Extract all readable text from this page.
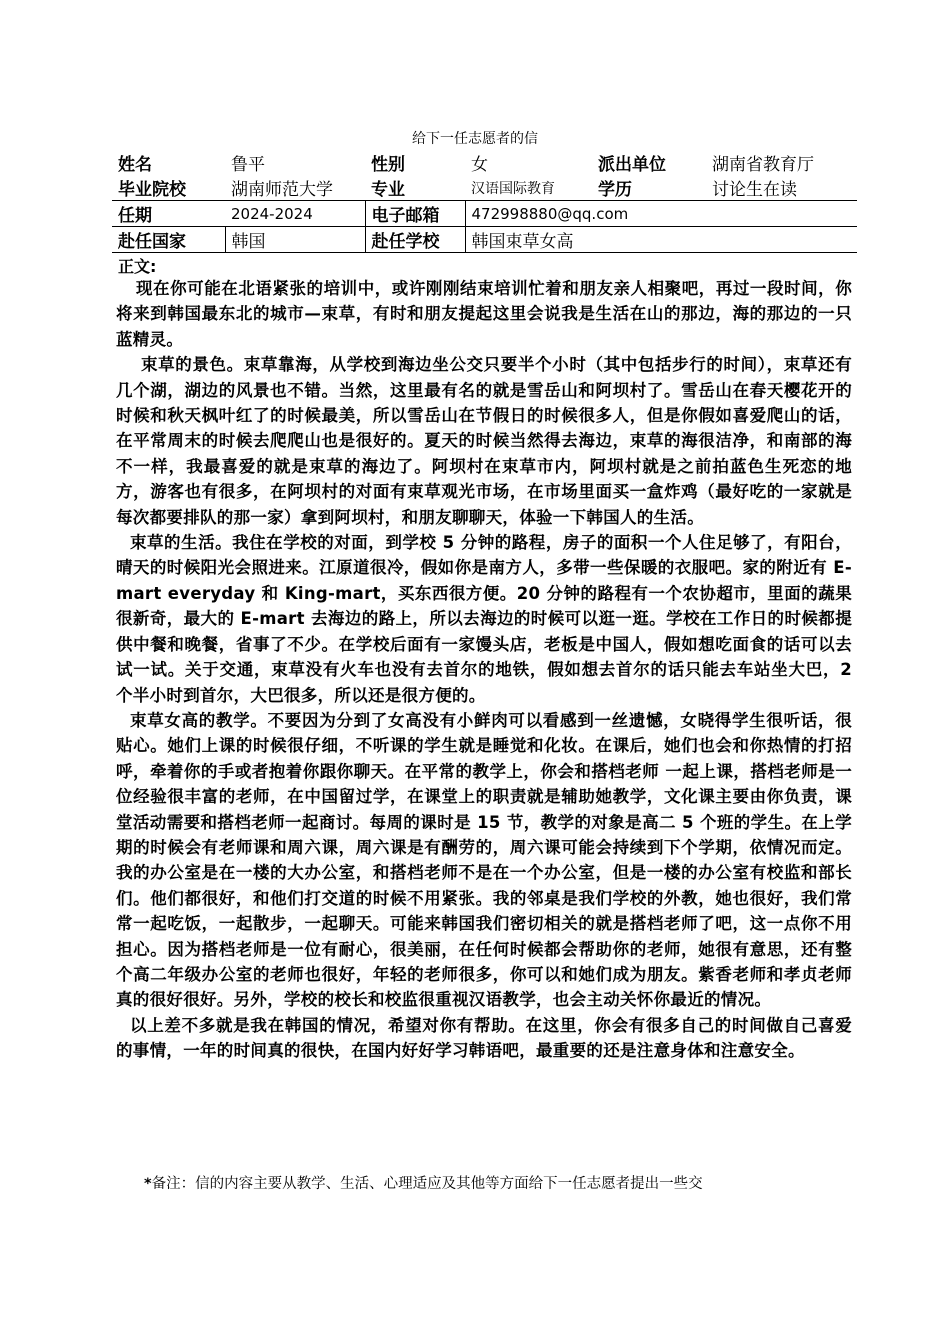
给下一任志愿者的信
姓名	鲁平	性别	女	派出单位	湖南省教育厅
毕业院校	湖南师范大学	专业	汉语国际教育	学历	讨论生在读
任期	2024-2024	电子邮箱	472998880@qq.com		
赴任国家	韩国	赴任学校	韩国束草女高		
正文:

现在你可能在北语紧张的培训中，或许刚刚结束培训忙着和朋友亲人相聚吧，再过一段时间，你将来到韩国最东北的城市—束草，有时和朋友提起这里会说我是生活在山的那边，海的那边的一只蓝精灵。

束草的景色。束草靠海，从学校到海边坐公交只要半个小时（其中包括步行的时间），束草还有几个湖，湖边的风景也不错。当然，这里最有名的就是雪岳山和阿坝村了。雪岳山在春天樱花开的时候和秋天枫叶红了的时候最美，所以雪岳山在节假日的时候很多人，但是你假如喜爱爬山的话，在平常周末的时候去爬爬山也是很好的。夏天的时候当然得去海边，束草的海很洁净，和南部的海不一样，我最喜爱的就是束草的海边了。阿坝村在束草市内，阿坝村就是之前拍蓝色生死恋的地方，游客也有很多，在阿坝村的对面有束草观光市场，在市场里面买一盒炸鸡（最好吃的一家就是每次都要排队的那一家）拿到阿坝村，和朋友聊聊天，体验一下韩国人的生活。

束草的生活。我住在学校的对面，到学校 5 分钟的路程，房子的面积一个人住足够了，有阳台，晴天的时候阳光会照进来。江原道很冷，假如你是南方人，多带一些保暖的衣服吧。家的附近有 E-mart everyday 和 King-mart，买东西很方便。20 分钟的路程有一个农协超市，里面的蔬果很新奇，最大的 E-mart 去海边的路上，所以去海边的时候可以逛一逛。学校在工作日的时候都提供中餐和晚餐，省事了不少。在学校后面有一家馒头店，老板是中国人，假如想吃面食的话可以去试一试。关于交通，束草没有火车也没有去首尔的地铁，假如想去首尔的话只能去车站坐大巴，2 个半小时到首尔，大巴很多，所以还是很方便的。

束草女高的教学。不要因为分到了女高没有小鲜肉可以看感到一丝遗憾，女晓得学生很听话，很贴心。她们上课的时候很仔细，不听课的学生就是睡觉和化妆。在课后，她们也会和你热情的打招呼，牵着你的手或者抱着你跟你聊天。在平常的教学上，你会和搭档老师 一起上课，搭档老师是一位经验很丰富的老师，在中国留过学，在课堂上的职责就是辅助她教学，文化课主要由你负责，课堂活动需要和搭档老师一起商讨。每周的课时是 15 节，教学的对象是高二 5 个班的学生。在上学期的时候会有老师课和周六课，周六课是有酬劳的，周六课可能会持续到下个学期，依情况而定。我的办公室是在一楼的大办公室，和搭档老师不是在一个办公室，但是一楼的办公室有校监和部长们。他们都很好，和他们打交道的时候不用紧张。我的邻桌是我们学校的外教，她也很好，我们常常一起吃饭，一起散步，一起聊天。可能来韩国我们密切相关的就是搭档老师了吧，这一点你不用担心。因为搭档老师是一位有耐心，很美丽，在任何时候都会帮助你的老师，她很有意思，还有整个高二年级办公室的老师也很好，年轻的老师很多，你可以和她们成为朋友。紫香老师和孝贞老师真的很好很好。另外，学校的校长和校监很重视汉语教学，也会主动关怀你最近的情况。

以上差不多就是我在韩国的情况，希望对你有帮助。在这里，你会有很多自己的时间做自己喜爱的事情，一年的时间真的很快，在国内好好学习韩语吧，最重要的还是注意身体和注意安全。

*备注：信的内容主要从教学、生活、心理适应及其他等方面给下一任志愿者提出一些交
